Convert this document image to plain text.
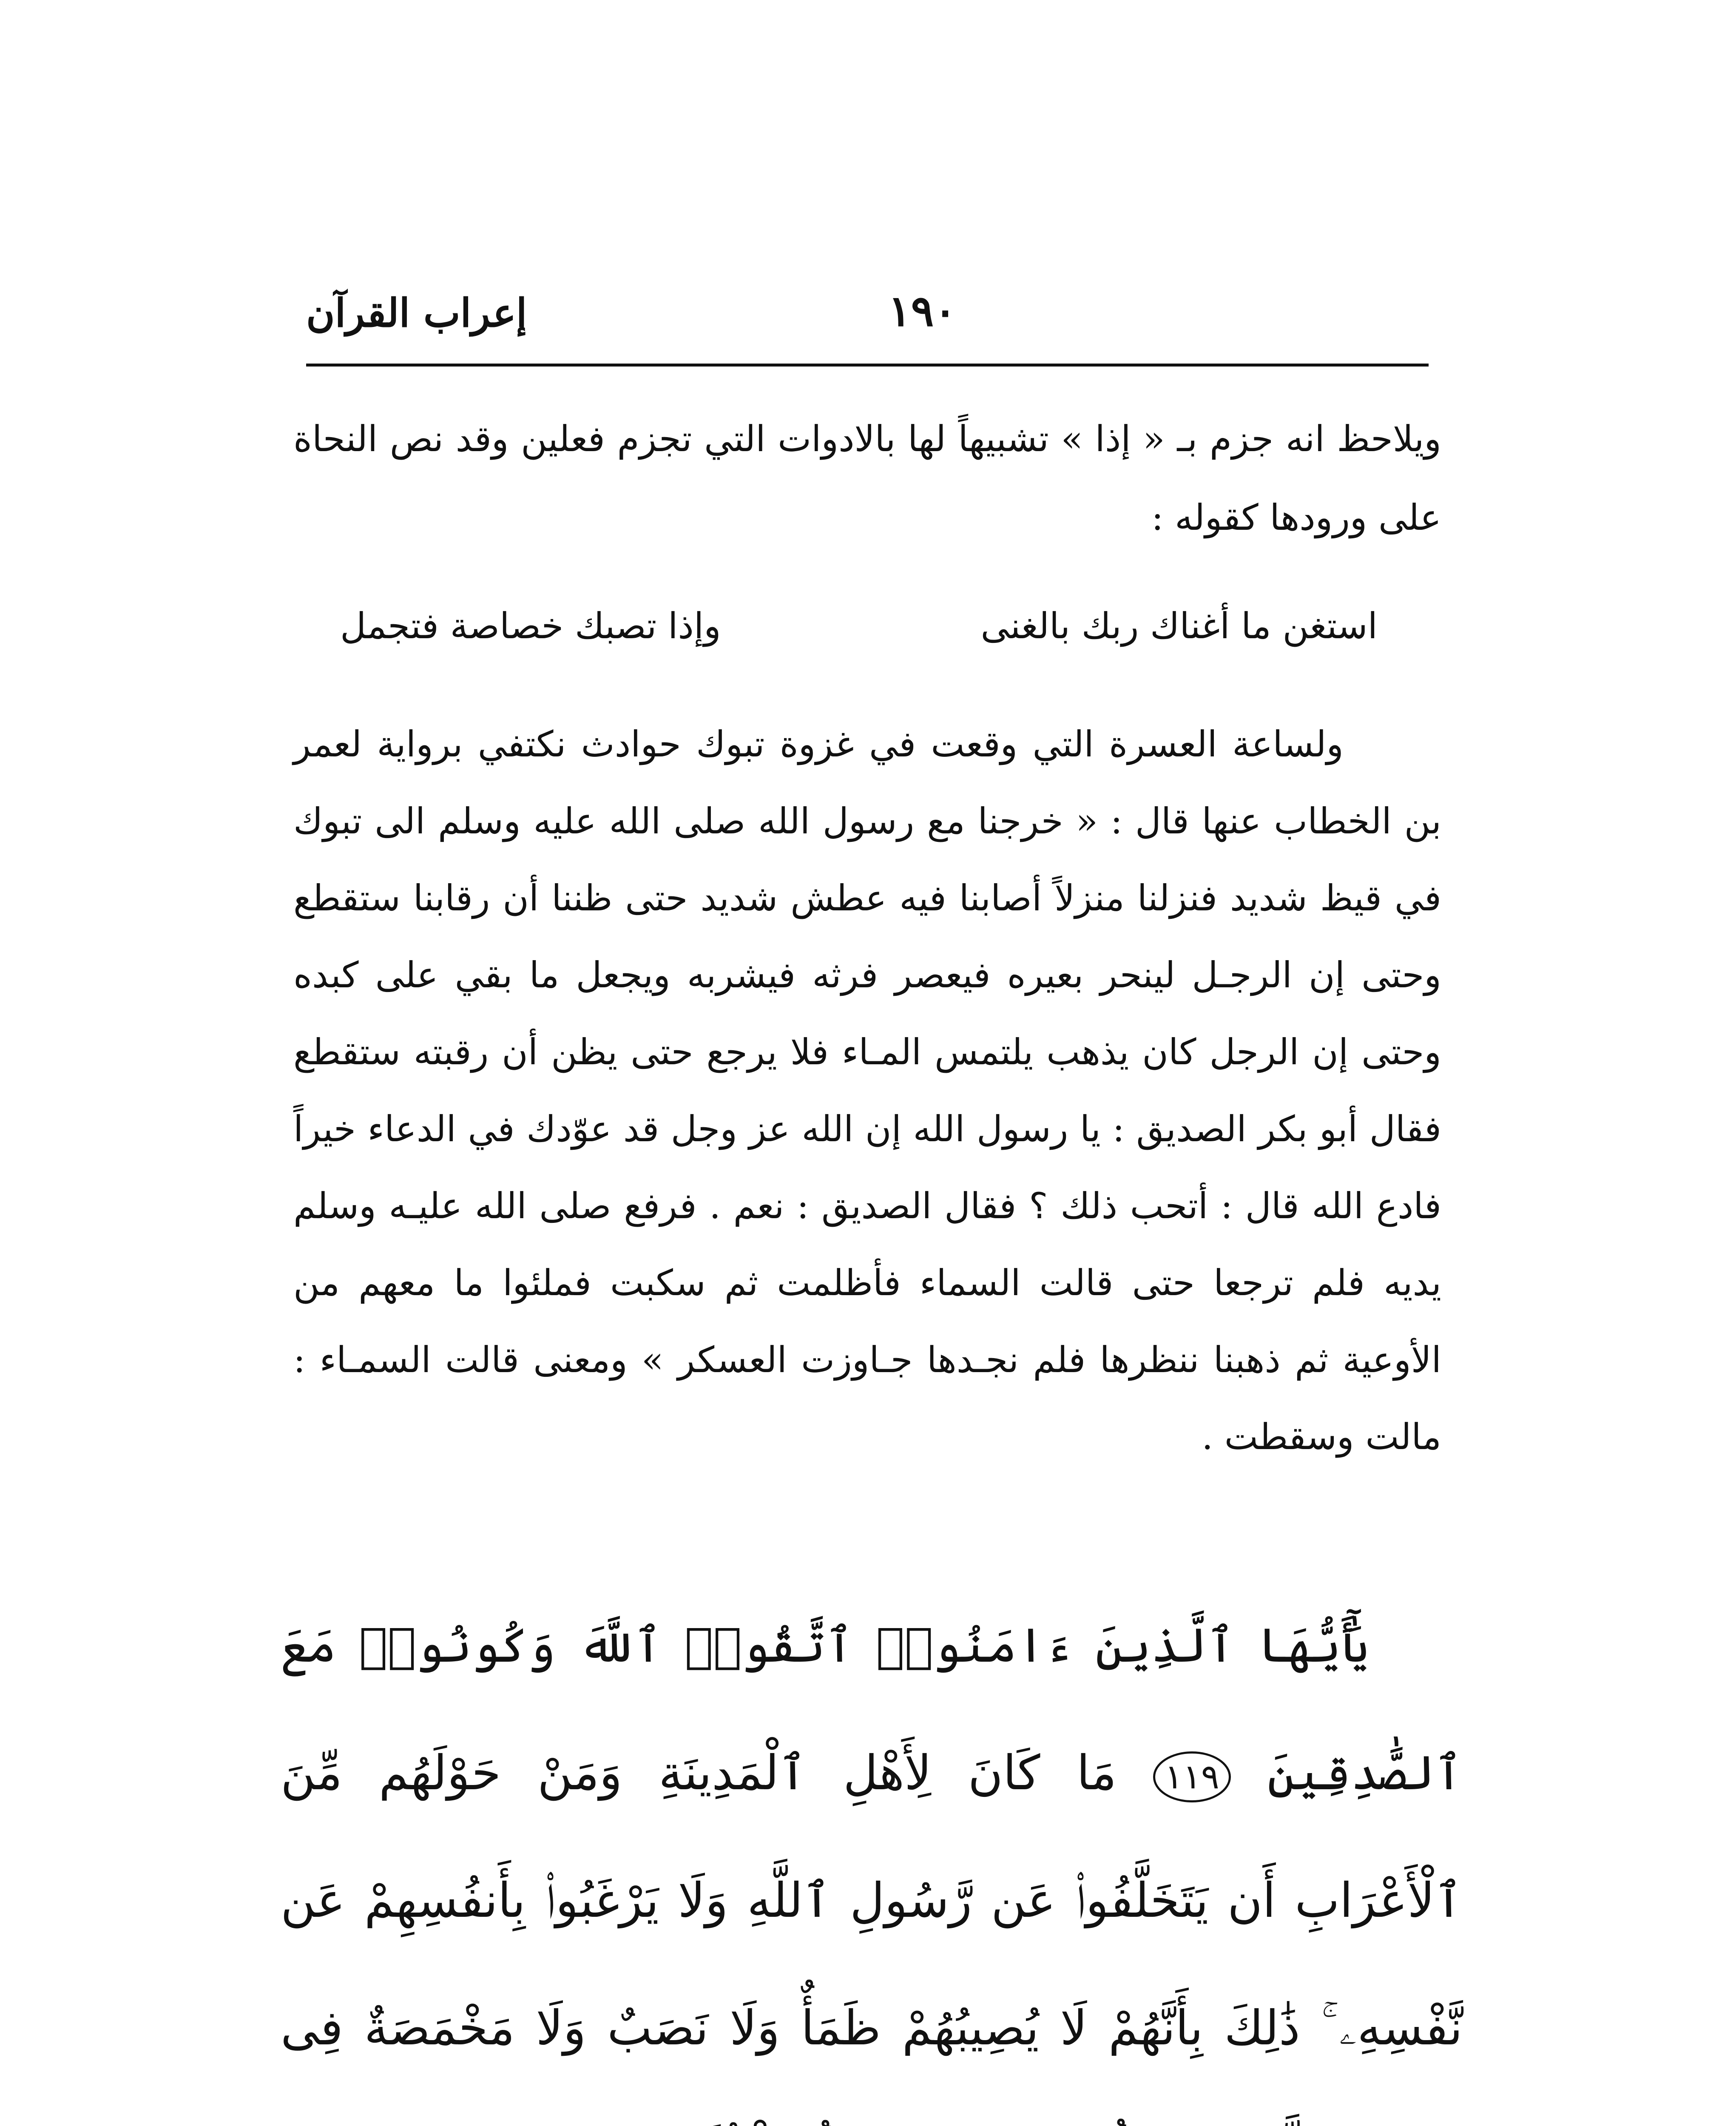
١٩٠
إعراب القرآن

ويلاحظ انه جزم بـ « إذا » تشبيهاً لها بالادوات التي تجزم فعلين وقد نص النحاة على ورودها كقوله :

استغن ما أغناك ربك بالغنى
وإذا تصبك خصاصة فتجمل

ولساعة العسرة التي وقعت في غزوة تبوك حوادث نكتفي برواية لعمر بن الخطاب عنها قال : « خرجنا مع رسول الله صلى الله عليه وسلم الى تبوك في قيظ شديد فنزلنا منزلاً أصابنا فيه عطش شديد حتى ظننا أن رقابنا ستقطع وحتى إن الرجـل لينحر بعيره فيعصر فرثه فيشربه ويجعل ما بقي على كبده وحتى إن الرجل كان يذهب يلتمس المـاء فلا يرجع حتى يظن أن رقبته ستقطع فقال أبو بكر الصديق : يا رسول الله إن الله عز وجل قد عوّدك في الدعاء خيراً فادع الله قال : أتحب ذلك ؟ فقال الصديق : نعم . فرفع صلى الله عليـه وسلم يديه فلم ترجعا حتى قالت السماء فأظلمت ثم سكبت فملئوا ما معهم من الأوعية ثم ذهبنا ننظرها فلم نجـدها جـاوزت العسكر » ومعنى قالت السمـاء : مالت وسقطت .

يَٰٓأَيُّهَا ٱلَّذِينَ ءَامَنُوا۟ ٱتَّقُوا۟ ٱللَّهَ وَكُونُوا۟ مَعَ ٱلصَّٰدِقِينَ ١١٩ مَا كَانَ لِأَهْلِ ٱلْمَدِينَةِ وَمَنْ حَوْلَهُم مِّنَ ٱلْأَعْرَابِ أَن يَتَخَلَّفُوا۟ عَن رَّسُولِ ٱللَّهِ وَلَا يَرْغَبُوا۟ بِأَنفُسِهِمْ عَن نَّفْسِهِۦ ۚ ذَٰلِكَ بِأَنَّهُمْ لَا يُصِيبُهُمْ ظَمَأٌ وَلَا نَصَبٌ وَلَا مَخْمَصَةٌ فِى
